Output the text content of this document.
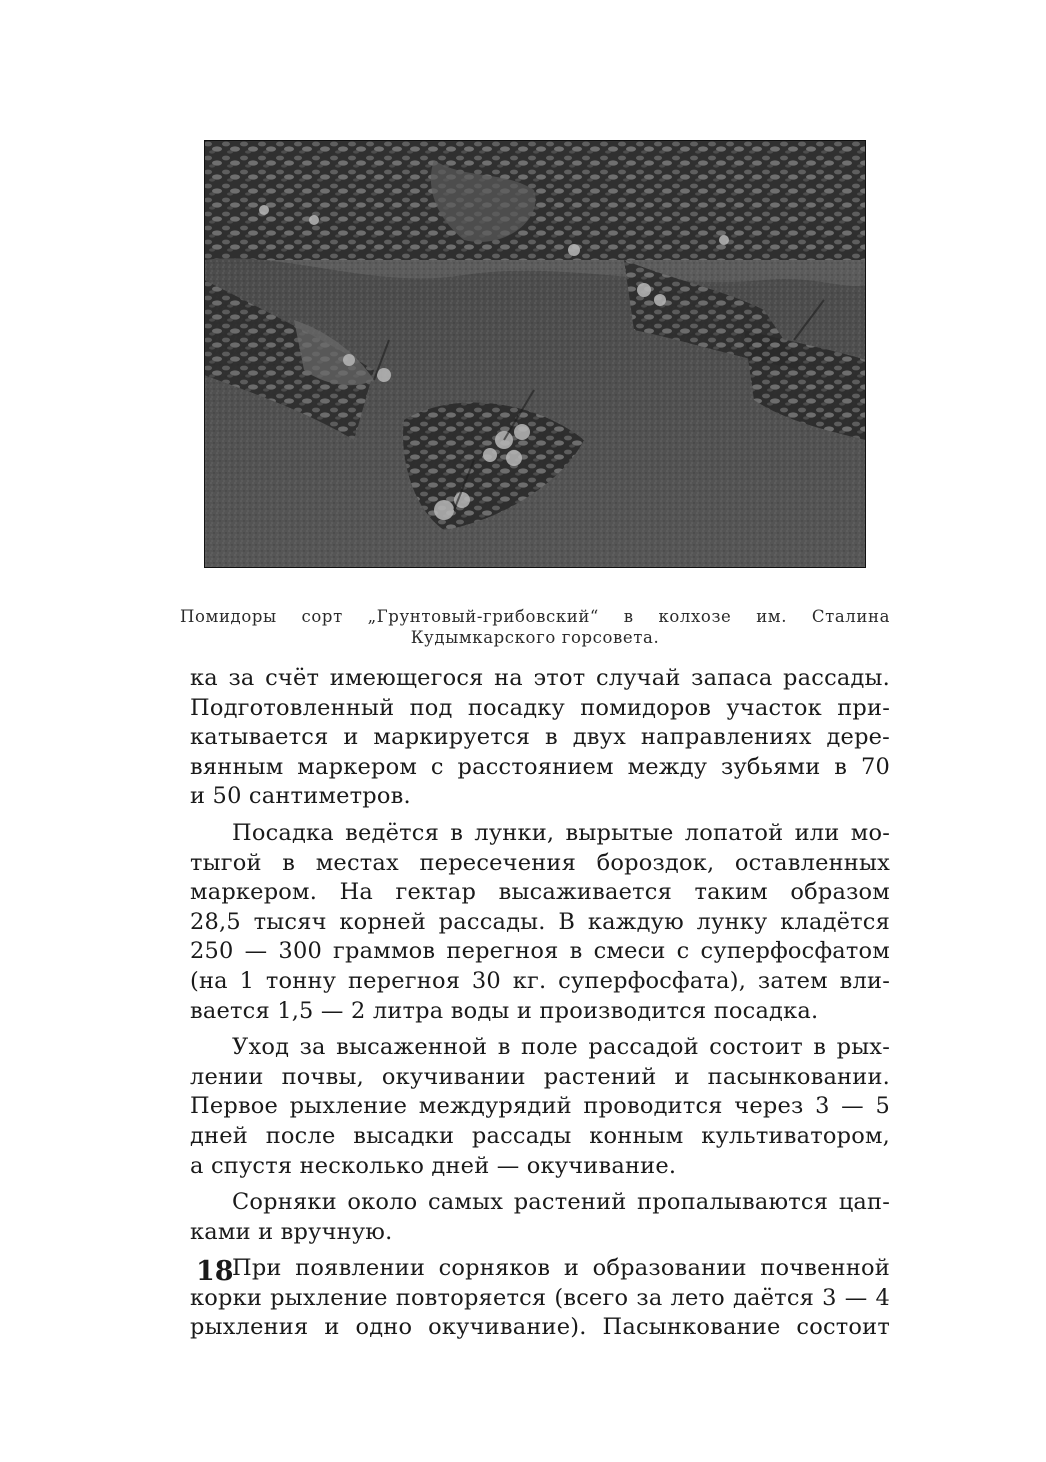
Помидоры сорт „Грунтовый-грибовский“ в колхозе им. Сталина
Кудымкарского горсовета.

ка за счёт имеющегося на этот случай запаса рассады.
Подготовленный под посадку помидоров участок при-
катывается и маркируется в двух направлениях дере-
вянным маркером с расстоянием между зубьями в 70
и 50 сантиметров.

Посадка ведётся в лунки, вырытые лопатой или мо-
тыгой в местах пересечения бороздок, оставленных
маркером. На гектар высаживается таким образом
28,5 тысяч корней рассады. В каждую лунку кладётся
250 — 300 граммов перегноя в смеси с суперфосфатом
(на 1 тонну перегноя 30 кг. суперфосфата), затем вли-
вается 1,5 — 2 литра воды и производится посадка.

Уход за высаженной в поле рассадой состоит в рых-
лении почвы, окучивании растений и пасынковании.
Первое рыхление междурядий проводится через 3 — 5
дней после высадки рассады конным культиватором,
а спустя несколько дней — окучивание.

Сорняки около самых растений пропалываются цап-
ками и вручную.

При появлении сорняков и образовании почвенной
корки рыхление повторяется (всего за лето даётся 3 — 4
рыхления и одно окучивание). Пасынкование состоит

18
